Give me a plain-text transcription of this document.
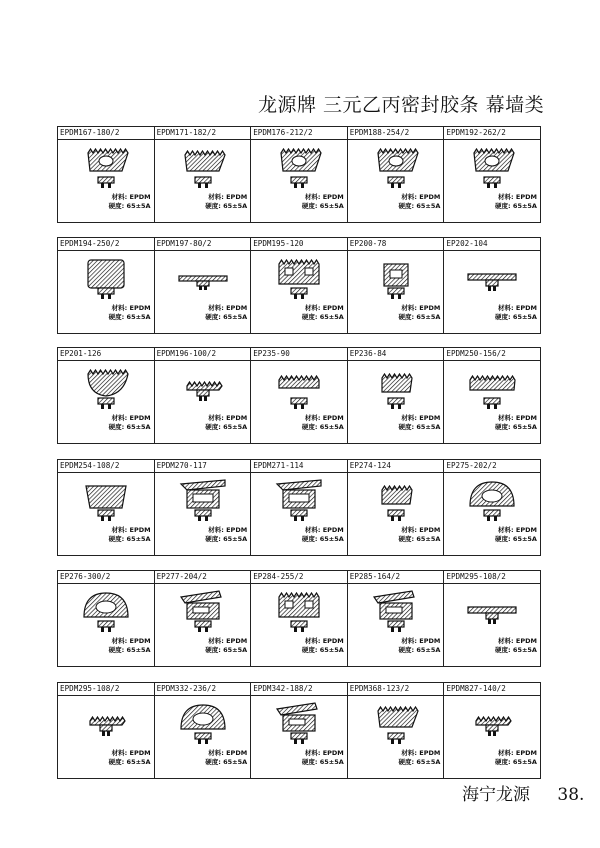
龙源牌 三元乙丙密封胶条 幕墙类
EPDM167-180/2
材料: EPDM
硬度: 65±5A
EPDM171-182/2
材料: EPDM
硬度: 65±5A
EPDM176-212/2
材料: EPDM
硬度: 65±5A
EPDM188-254/2
材料: EPDM
硬度: 65±5A
EPDM192-262/2
材料: EPDM
硬度: 65±5A
EPDM194-250/2
材料: EPDM
硬度: 65±5A
EPDM197-80/2
材料: EPDM
硬度: 65±5A
EPDM195-120
材料: EPDM
硬度: 65±5A
EP200-78
材料: EPDM
硬度: 65±5A
EP202-104
材料: EPDM
硬度: 65±5A
EP201-126
材料: EPDM
硬度: 65±5A
EPDM196-100/2
材料: EPDM
硬度: 65±5A
EP235-90
材料: EPDM
硬度: 65±5A
EP236-84
材料: EPDM
硬度: 65±5A
EPDM250-156/2
材料: EPDM
硬度: 65±5A
EPDM254-108/2
材料: EPDM
硬度: 65±5A
EPDM270-117
材料: EPDM
硬度: 65±5A
EPDM271-114
材料: EPDM
硬度: 65±5A
EP274-124
材料: EPDM
硬度: 65±5A
EP275-202/2
材料: EPDM
硬度: 65±5A
EP276-300/2
材料: EPDM
硬度: 65±5A
EP277-204/2
材料: EPDM
硬度: 65±5A
EP284-255/2
材料: EPDM
硬度: 65±5A
EP285-164/2
材料: EPDM
硬度: 65±5A
EPDM295-108/2
材料: EPDM
硬度: 65±5A
EPDM295-108/2
材料: EPDM
硬度: 65±5A
EPDM332-236/2
材料: EPDM
硬度: 65±5A
EPDM342-188/2
材料: EPDM
硬度: 65±5A
EPDM368-123/2
材料: EPDM
硬度: 65±5A
EPDM827-140/2
材料: EPDM
硬度: 65±5A
海宁龙源 38.
